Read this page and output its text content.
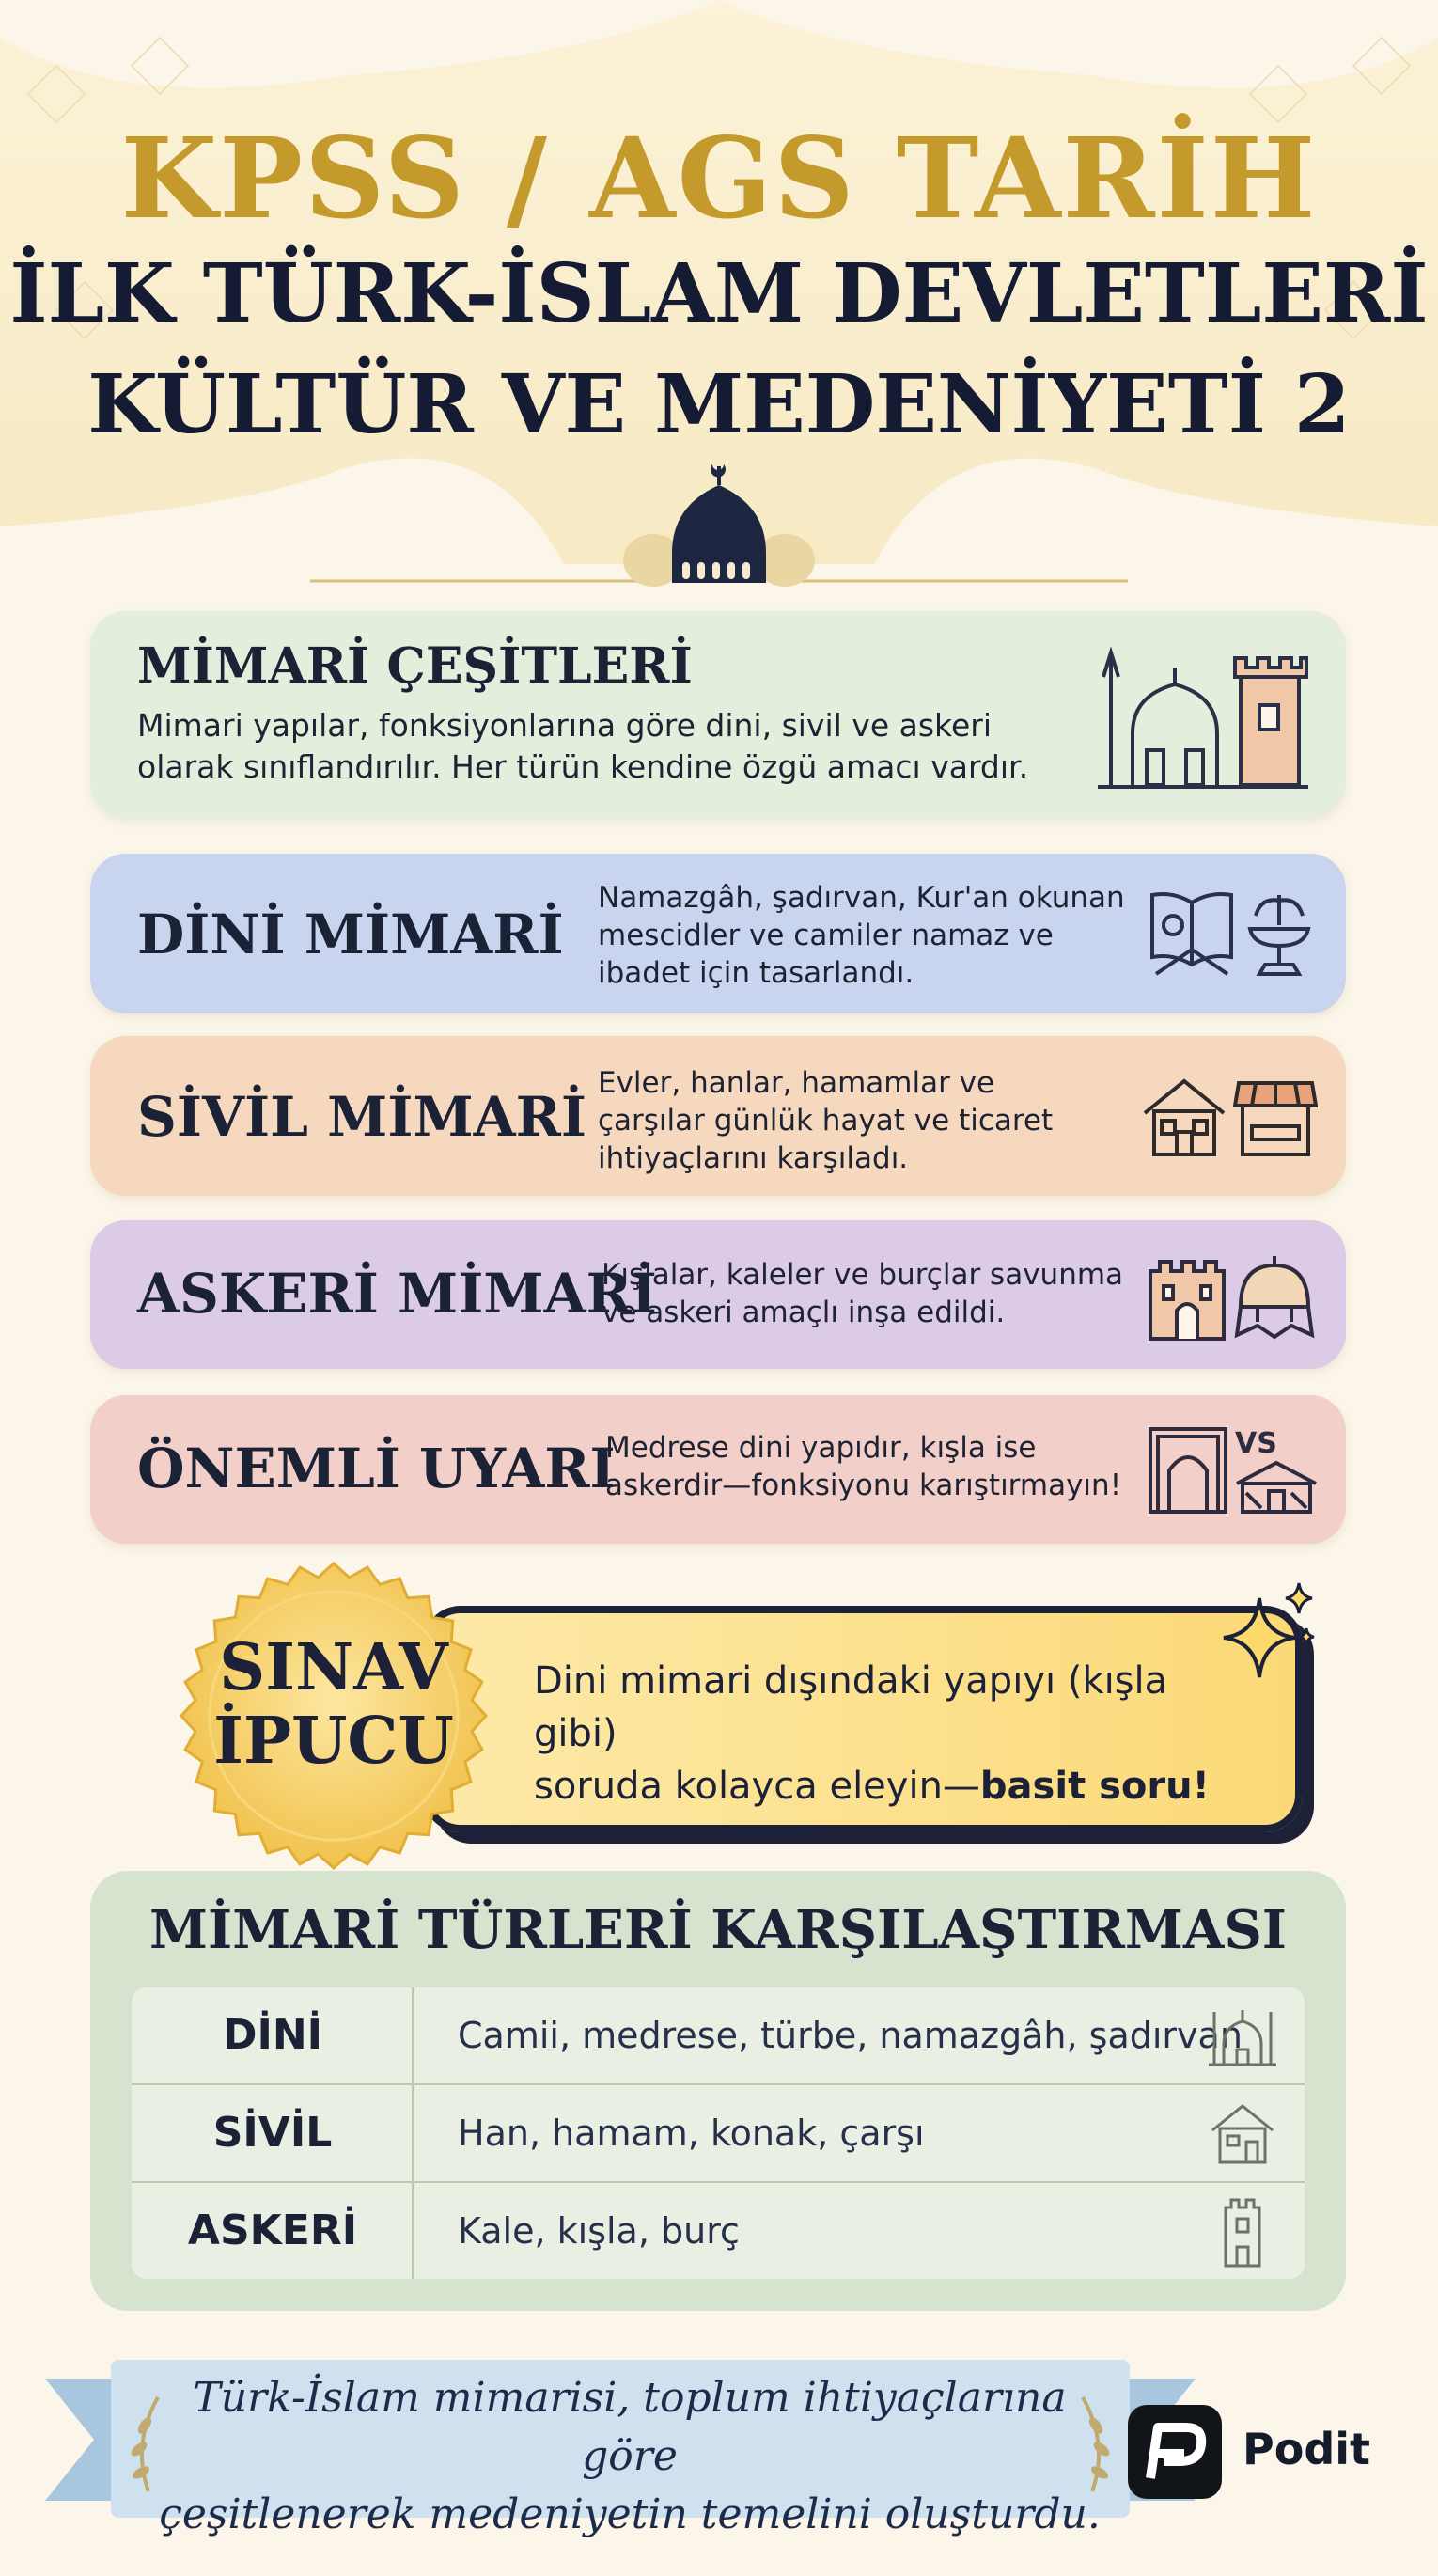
KPSS / AGS TARİH
İLK TÜRK-İSLAM DEVLETLERİ
KÜLTÜR VE MEDENİYETİ 2
MİMARİ ÇEŞİTLERİ
Mimari yapılar, fonksiyonlarına göre dini, sivil ve askeri
olarak sınıflandırılır. Her türün kendine özgü amacı vardır.
DİNİ MİMARİ
Namazgâh, şadırvan, Kur'an okunan
mescidler ve camiler namaz ve
ibadet için tasarlandı.
SİVİL MİMARİ
Evler, hanlar, hamamlar ve
çarşılar günlük hayat ve ticaret
ihtiyaçlarını karşıladı.
ASKERİ MİMARİ
Kışlalar, kaleler ve burçlar savunma
ve askeri amaçlı inşa edildi.
ÖNEMLİ UYARI
Medrese dini yapıdır, kışla ise
askerdir—fonksiyonu karıştırmayın!
VS
SINAV
İPUCU
Dini mimari dışındaki yapıyı (kışla gibi)
soruda kolayca eleyin—basit soru!
MİMARİ TÜRLERİ KARŞILAŞTIRMASI
DİNİ	Camii, medrese, türbe, namazgâh, şadırvan
SİVİL	Han, hamam, konak, çarşı
ASKERİ	Kale, kışla, burç
Türk-İslam mimarisi, toplum ihtiyaçlarına göre
çeşitlenerek medeniyetin temelini oluşturdu.
Podit
